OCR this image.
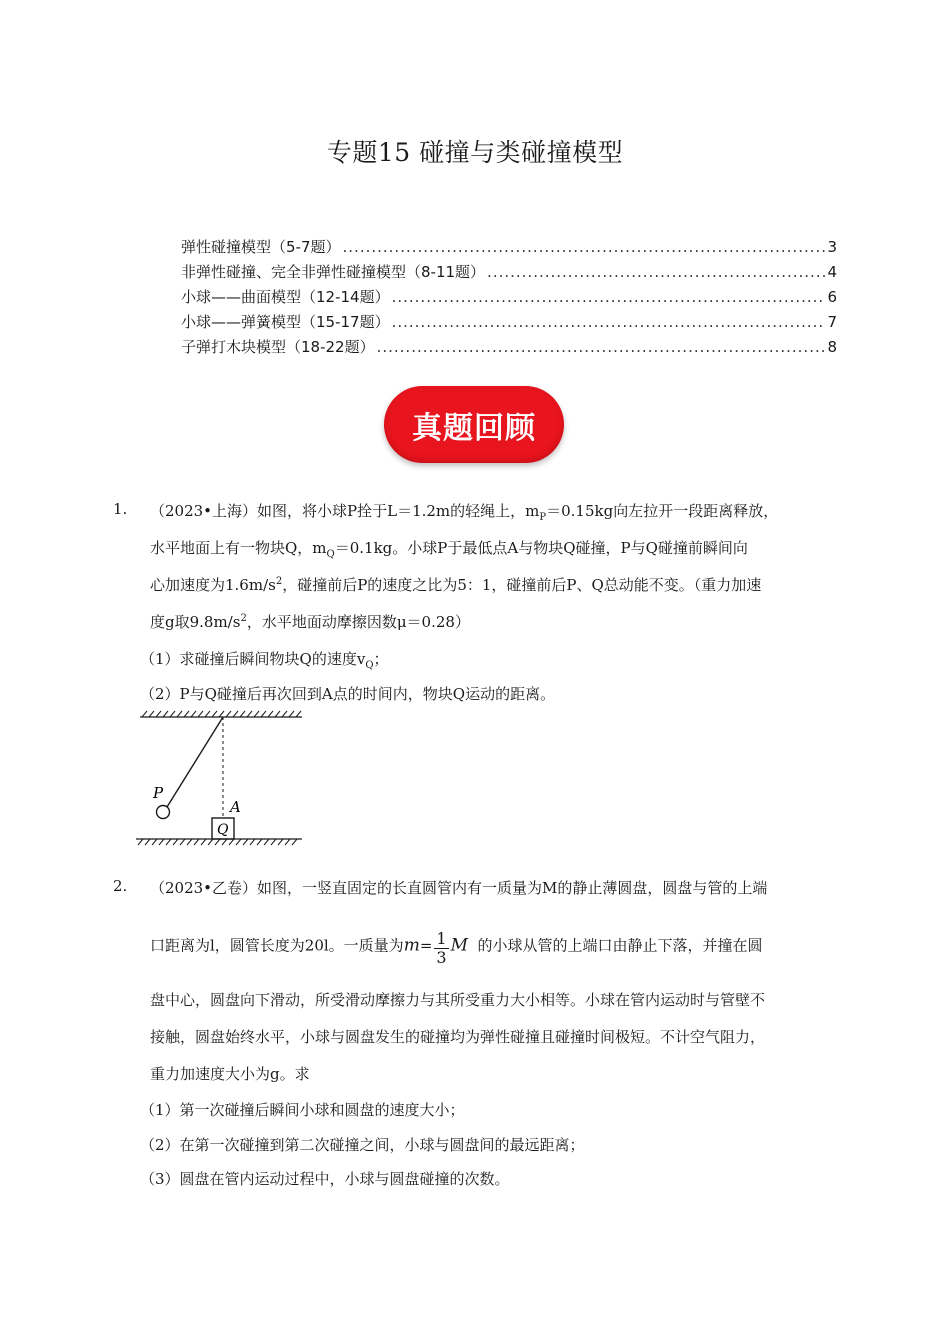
专题15 碰撞与类碰撞模型
弹性碰撞模型（5-7题） .....	3
非弹性碰撞、完全非弹性碰撞模型（8-11题） .....	4
小球——曲面模型（12-14题） .....	6
小球——弹簧模型（15-17题） .....	7
子弹打木块模型（18-22题） .....	8
真题回顾
1. （2023•上海）如图，将小球P拴于L＝1.2m的轻绳上，$m_P=0.15kg$向左拉开一段距离释放，
水平地面上有一物块Q，$m_Q=0.1kg$。小球P于最低点A与物块Q碰撞，P与Q碰撞前瞬间向
心加速度为$1.6m/s^2$，碰撞前后P的速度之比为5：1，碰撞前后P、Q总动能不变。（重力加速
度g取$9.8m/s^2$，水平地面动摩擦因数μ＝0.28）
（1）求碰撞后瞬间物块Q的速度$v_Q$；
（2）P与Q碰撞后再次回到A点的时间内，物块Q运动的距离。
P
A
Q
2. （2023•乙卷）如图，一竖直固定的长直圆管内有一质量为M的静止薄圆盘，圆盘与管的上端
口距离为l，圆管长度为20l。一质量为$m= \frac{1}{3}$ M 的小球从管的上端口由静止下落，并撞在圆
盘中心，圆盘向下滑动，所受滑动摩擦力与其所受重力大小相等。小球在管内运动时与管壁不
接触，圆盘始终水平，小球与圆盘发生的碰撞均为弹性碰撞且碰撞时间极短。不计空气阻力，
重力加速度大小为g。求
（1）第一次碰撞后瞬间小球和圆盘的速度大小；
（2）在第一次碰撞到第二次碰撞之间，小球与圆盘间的最远距离；
（3）圆盘在管内运动过程中，小球与圆盘碰撞的次数。
